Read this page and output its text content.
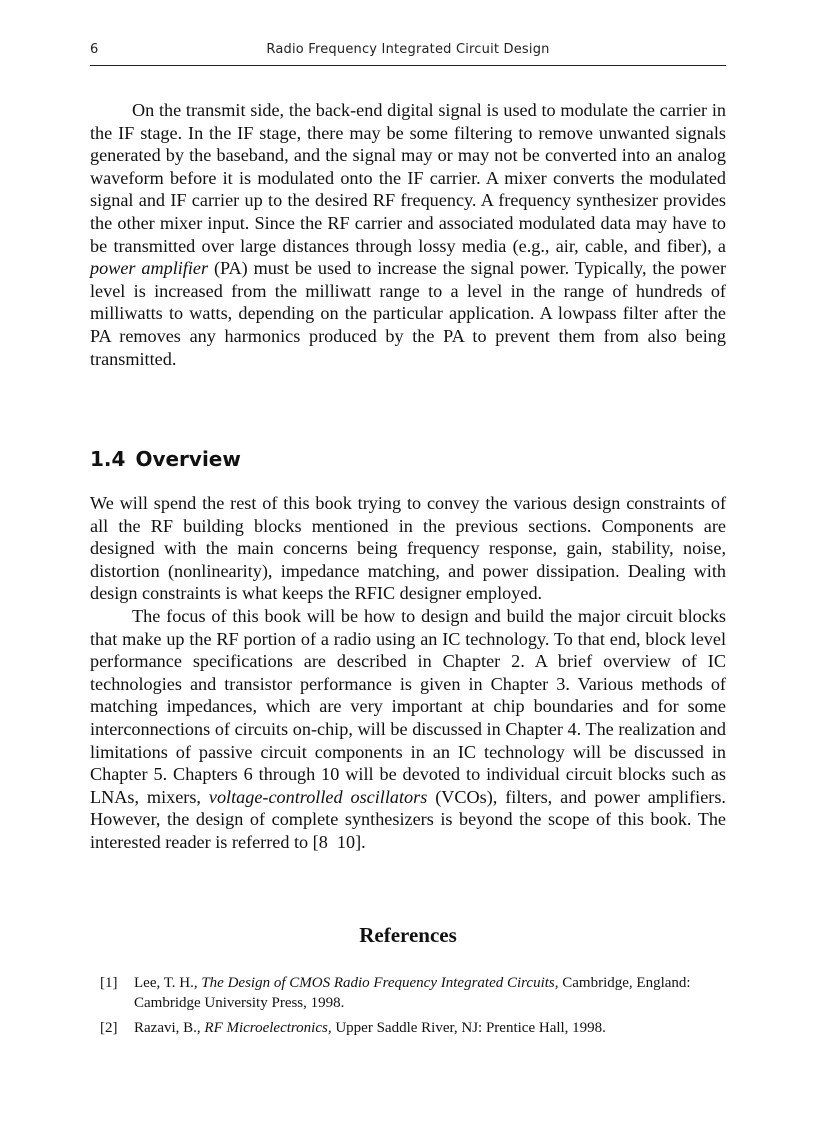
6	Radio Frequency Integrated Circuit Design

On the transmit side, the back-end digital signal is used to modulate the carrier in the IF stage. In the IF stage, there may be some filtering to remove unwanted signals generated by the baseband, and the signal may or may not be converted into an analog waveform before it is modulated onto the IF carrier. A mixer converts the modulated signal and IF carrier up to the desired RF frequency. A frequency synthesizer provides the other mixer input. Since the RF carrier and associated modulated data may have to be transmitted over large distances through lossy media (e.g., air, cable, and fiber), a power amplifier (PA) must be used to increase the signal power. Typically, the power level is increased from the milliwatt range to a level in the range of hundreds of milliwatts to watts, depending on the particular application. A lowpass filter after the PA removes any harmonics produced by the PA to prevent them from also being transmitted.

1.4 Overview

We will spend the rest of this book trying to convey the various design constraints of all the RF building blocks mentioned in the previous sections. Components are designed with the main concerns being frequency response, gain, stability, noise, distortion (nonlinearity), impedance matching, and power dissipation. Dealing with design constraints is what keeps the RFIC designer employed.

The focus of this book will be how to design and build the major circuit blocks that make up the RF portion of a radio using an IC technology. To that end, block level performance specifications are described in Chapter 2. A brief overview of IC technologies and transistor performance is given in Chapter 3. Various methods of matching impedances, which are very important at chip boundaries and for some interconnections of circuits on-chip, will be discussed in Chapter 4. The realization and limitations of passive circuit components in an IC technology will be discussed in Chapter 5. Chapters 6 through 10 will be devoted to individual circuit blocks such as LNAs, mixers, voltage-controlled oscillators (VCOs), filters, and power amplifiers. However, the design of complete synthesizers is beyond the scope of this book. The interested reader is referred to [8  10].

References
[1]	Lee, T. H., The Design of CMOS Radio Frequency Integrated Circuits, Cambridge, England: Cambridge University Press, 1998.
[2]	Razavi, B., RF Microelectronics, Upper Saddle River, NJ: Prentice Hall, 1998.
